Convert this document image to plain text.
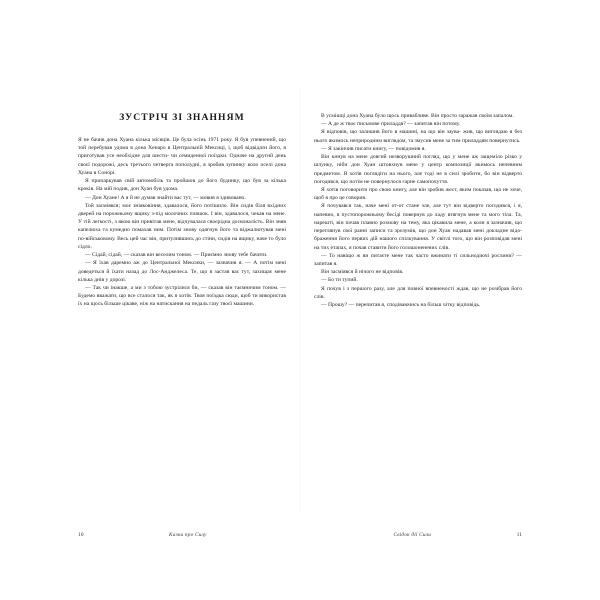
ЗУСТРІЧ ЗІ ЗНАННЯМ

Я не бачив дона Хуана кілька місяців. Це була осінь 1971 року. Я був упевнений, що той перебував удома в дона Хенаро в Центральній Мексиці, і, щоб відвідати його, я приготував усе необхідне для шести- чи семиденної поїздки. Одначе на другий день своєї подорожі, десь третього четверга пополудні, я зробив зупинку коло оселі дона Хуана в Сонорі.

Я припаркував свій автомобіль та пройшов до його будинку, що був за кілька кроків. На мій подив, дон Хуан був удома.

— Дон Хуане! А я й не думав знайти вас тут, — мовив я здивовано.

Той засміявся; моє зніяковіння, здавалося, його потішило. Він сидів біля вхідних дверей на порожньому ящику з-під молочних пляшок. І він, здавалося, чекав на мене. У тій легкості, з якою він привітав мене, відчувалася своєрідна досконалість. Він зняв капелюха та кумедно помахав ним. Потім знову одягнув його та віджалютував мені по-військовому. Весь цей час він, притулившись до стіни, сидів на ящику, наче то було сідло.

— Сідай, сідай, — сказав він веселим тоном. — Приємно знову тебе бачити.

— Я їхав даремно аж до Центральної Мексики, — зазначив я. — А потім мені доведеться й їхати назад до Лос-Анджелеса. Те, що я застав вас тут, захищає мене кілька днів у дорозі.

— Так чи інакше, а ми з тобою зустрілися би, — сказав він таємничим тоном. — Будемо вважати, що все сталося так, як я хотів. Твоя поїздка сюди, щоб ти використав їх на щось більше цікаве, ніж на натискання на педаль газу твоєї машини.

10	Казки про Силу

В усмішці дона Хуана було щось привабливе. Він просто заражав своїм запалом.

— А де ж твоє письмове приладдя? — запитав він потому.

Я відповів, що залишив його в машині, на що він заува- жив, що виглядаю я без нього якимось неприродним виглядом, та змусив мене за тим приладдям повернутись.

— Я закінчив писати книгу, — повідомив я.

Він кинув на мене довгий незворушний погляд, що у мене аж защеміло різко у шлунку, ніби дон Хуан штовхнув мене у центр композиції якимось непевним предметом. Я хотів поглядіти на нього, але тоді не в силі зробити, бо він відверто погодився, що потім не повернулося гарне самопочуття.

Я хотів поговорити про свою книгу, але він зробив жест, яким показав, що не хоче, щоб я про це говорив.

Я почувався так, наче мені от-от стане зле, але тут він відверто погодився, і я, напевно, в пустопорожньому бесіді повернув до ладу втягнув мене та мого тіла. Та, нарешті, він почав плавно розмову на тему, яка цікавила мене, а коли я зазначив, що переглянув свої ранні записи та зрозумів, що дон Хуан надавав мені докладне відо- браження його первих дій нашого спілкування. У світлі того, що він розповідав мені на тих етапах, я почав ставити його голошоненених слів.

— То навіщо ж ви питаєте мене так часто вжинати ті сильнодіючі рослини? — запитав я.

Він засміявся й нічого не відповів.

— Бо ти тупий.

Я почув і з першого разу, але для повної впевненості ждав, що не розібрав його слів.

— Прошу? — перепитав я, сподіваючись на більш чітку відповідь.

Свідок дії Сили	11
